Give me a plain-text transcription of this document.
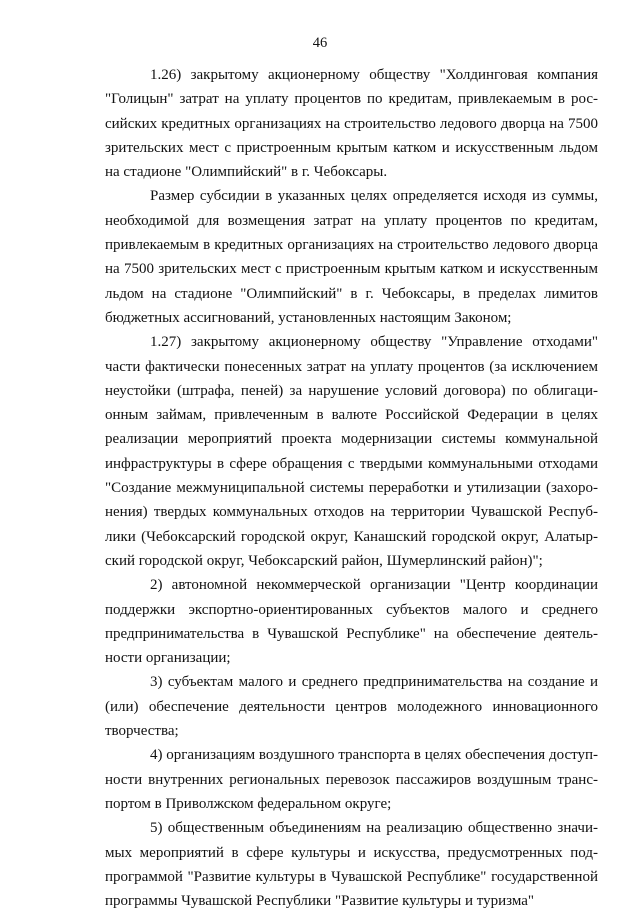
46

1.26) закрытому акционерному обществу "Холдинговая компания "Голицын" затрат на уплату процентов по кредитам, привлекаемым в российских кредитных организациях на строительство ледового дворца на 7500 зрительских мест с пристроенным крытым катком и искусственным льдом на стадионе "Олимпийский" в г. Чебоксары.

Размер субсидии в указанных целях определяется исходя из суммы, необходимой для возмещения затрат на уплату процентов по кредитам, привлекаемым в кредитных организациях на строительство ледового дворца на 7500 зрительских мест с пристроенным крытым катком и искусственным льдом на стадионе "Олимпийский" в г. Чебоксары, в пределах лимитов бюджетных ассигнований, установленных настоящим Законом;

1.27) закрытому акционерному обществу "Управление отходами" части фактически понесенных затрат на уплату процентов (за исключением неустойки (штрафа, пеней) за нарушение условий договора) по облигационным займам, привлеченным в валюте Российской Федерации в целях реализации мероприятий проекта модернизации системы коммунальной инфраструктуры в сфере обращения с твердыми коммунальными отходами "Создание межмуниципальной системы переработки и утилизации (захоронения) твердых коммунальных отходов на территории Чувашской Республики (Чебоксарский городской округ, Канашский городской округ, Алатырский городской округ, Чебоксарский район, Шумерлинский район)";

2) автономной некоммерческой организации "Центр координации поддержки экспортно-ориентированных субъектов малого и среднего предпринимательства в Чувашской Республике" на обеспечение деятельности организации;

3) субъектам малого и среднего предпринимательства на создание и (или) обеспечение деятельности центров молодежного инновационного творчества;

4) организациям воздушного транспорта в целях обеспечения доступности внутренних региональных перевозок пассажиров воздушным транспортом в Приволжском федеральном округе;

5) общественным объединениям на реализацию общественно значимых мероприятий в сфере культуры и искусства, предусмотренных подпрограммой "Развитие культуры в Чувашской Республике" государственной программы Чувашской Республики "Развитие культуры и туризма"
